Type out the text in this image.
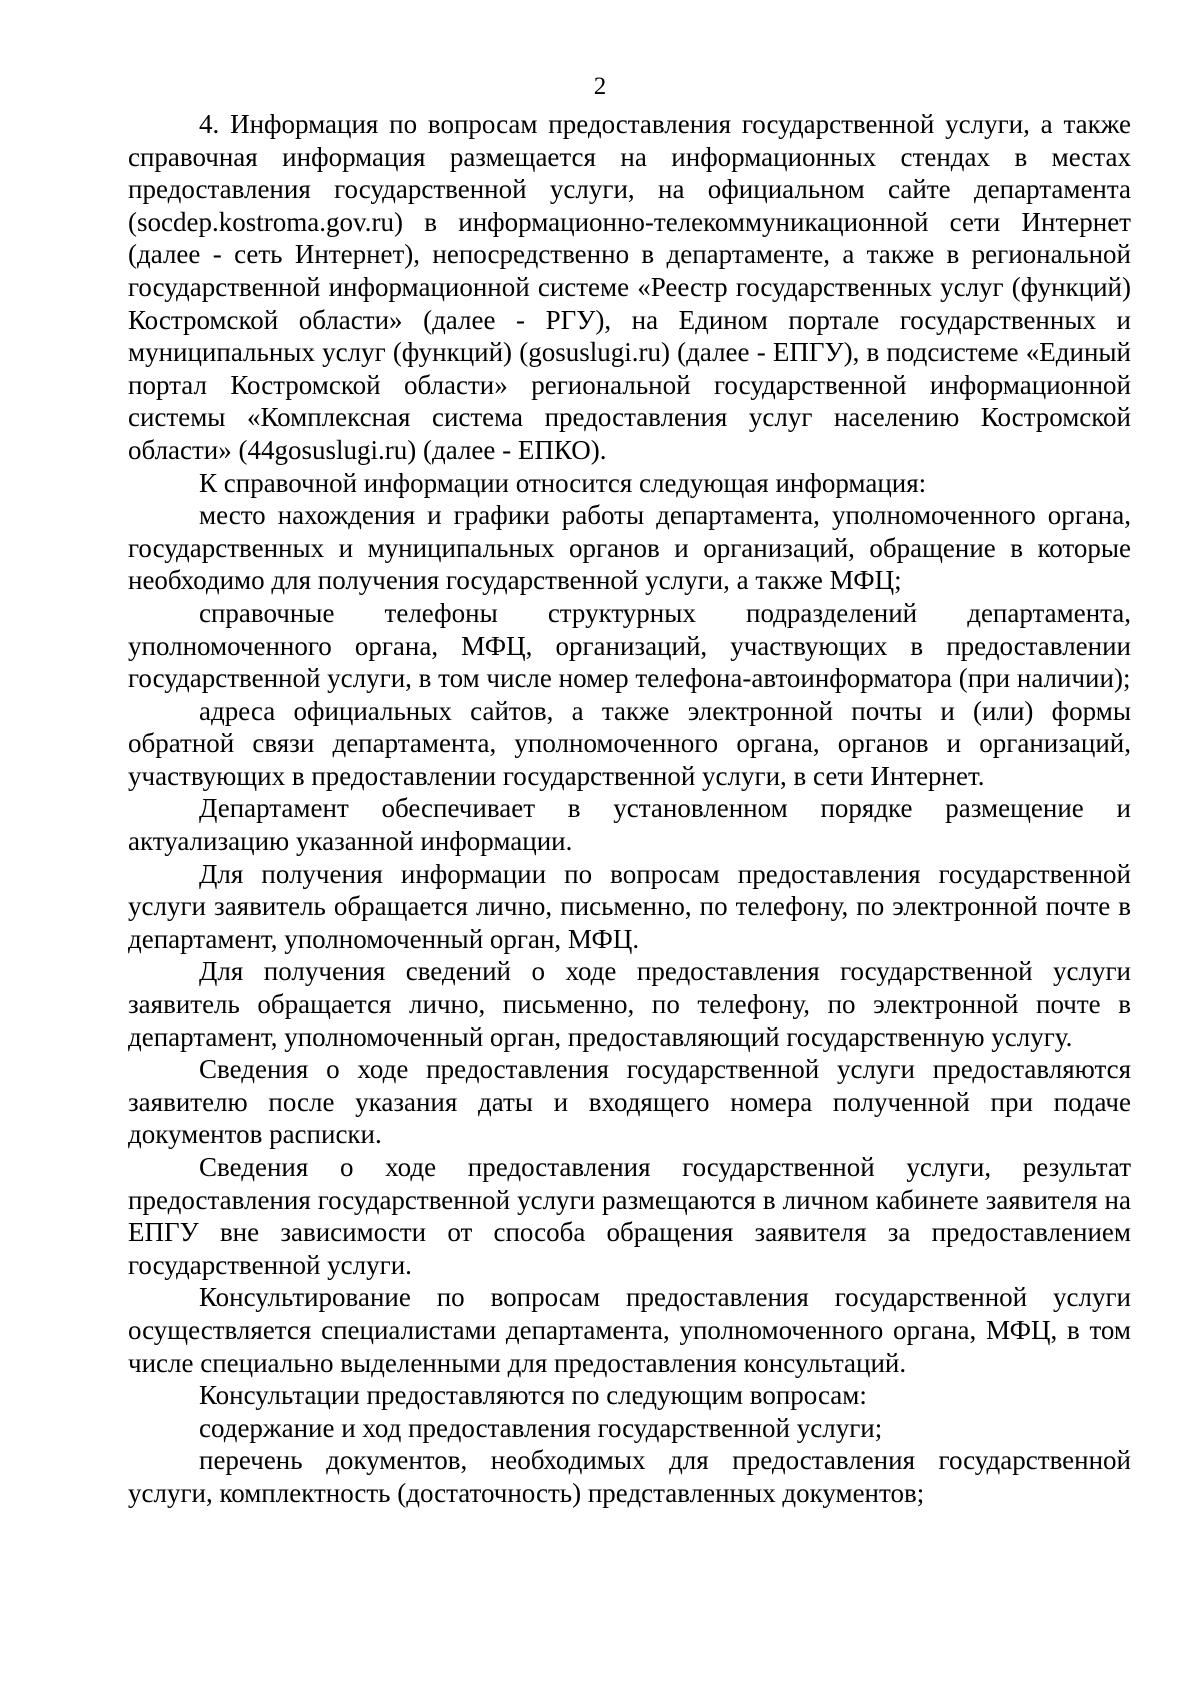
2

4. Информация по вопросам предоставления государственной услуги, а также справочная информация размещается на информационных стендах в местах предоставления государственной услуги, на официальном сайте департамента (socdep.kostroma.gov.ru) в информационно-телекоммуникационной сети Интернет (далее - сеть Интернет), непосредственно в департаменте, а также в региональной государственной информационной системе «Реестр государственных услуг (функций) Костромской области» (далее - РГУ), на Едином портале государственных и муниципальных услуг (функций) (gosuslugi.ru) (далее - ЕПГУ), в подсистеме «Единый портал Костромской области» региональной государственной информационной системы «Комплексная система предоставления услуг населению Костромской области» (44gosuslugi.ru) (далее - ЕПКО).

К справочной информации относится следующая информация:

место нахождения и графики работы департамента, уполномоченного органа, государственных и муниципальных органов и организаций, обращение в которые необходимо для получения государственной услуги, а также МФЦ;

справочные телефоны структурных подразделений департамента, уполномоченного органа, МФЦ, организаций, участвующих в предоставлении государственной услуги, в том числе номер телефона-автоинформатора (при наличии);

адреса официальных сайтов, а также электронной почты и (или) формы обратной связи департамента, уполномоченного органа, органов и организаций, участвующих в предоставлении государственной услуги, в сети Интернет.

Департамент обеспечивает в установленном порядке размещение и актуализацию указанной информации.

Для получения информации по вопросам предоставления государственной услуги заявитель обращается лично, письменно, по телефону, по электронной почте в департамент, уполномоченный орган, МФЦ.

Для получения сведений о ходе предоставления государственной услуги заявитель обращается лично, письменно, по телефону, по электронной почте в департамент, уполномоченный орган, предоставляющий государственную услугу.

Сведения о ходе предоставления государственной услуги предоставляются заявителю после указания даты и входящего номера полученной при подаче документов расписки.

Сведения о ходе предоставления государственной услуги, результат предоставления государственной услуги размещаются в личном кабинете заявителя на ЕПГУ вне зависимости от способа обращения заявителя за предоставлением государственной услуги.

Консультирование по вопросам предоставления государственной услуги осуществляется специалистами департамента, уполномоченного органа, МФЦ, в том числе специально выделенными для предоставления консультаций.

Консультации предоставляются по следующим вопросам:

содержание и ход предоставления государственной услуги;

перечень документов, необходимых для предоставления государственной услуги, комплектность (достаточность) представленных документов;
